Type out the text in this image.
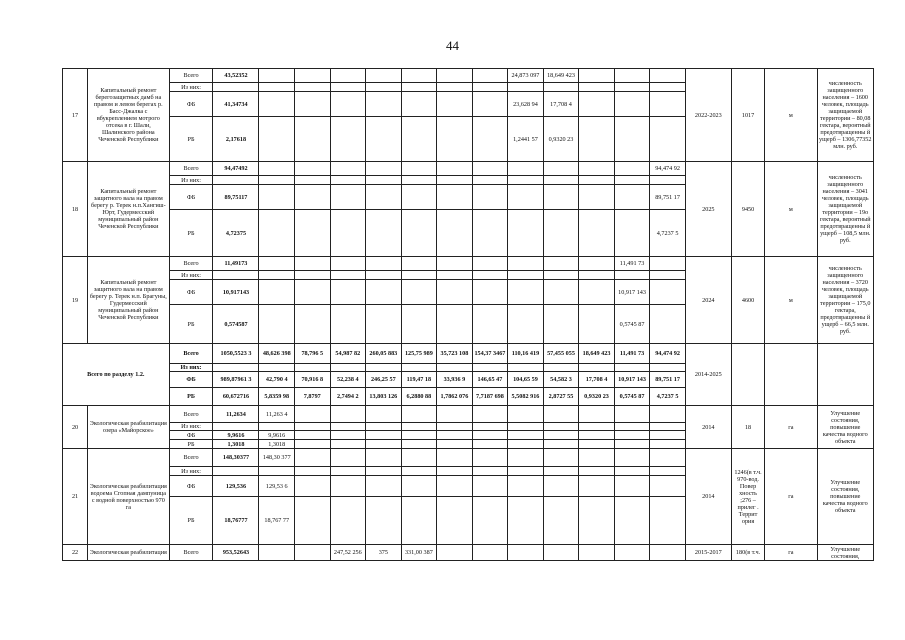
44
17	Капитальный ремонт берегозащитных дамб на правом и левом берегах р. Басс-Джалка с вбукреплением мотрого отсека в г. Шали, Шалинского района Чеченской Республики	Всего	43,52352								24,873 097	18,649 423				2022-2023	1017	м	численность защищенного населения – 1600 человек, площадь защищаемой территории – 80,08 гектара, вероятный предотвращенны й ущерб – 1306,77352 млн. руб.
		Из них:																	
		ФБ	41,34734								23,628 94	17,708 4							
		РБ	2,17618								1,2441 57	0,9320 23							
18	Капитальный ремонт защитного вала на правом берегу р. Терек н.п.Хангиш-Юрт, Гудермесский муниципальный район Чеченской Республики	Всего	94,47492												94,474 92	2025	9450	м	численность защищенного населения – 3041 человек, площадь защищаемой территории – 19о гектара, вероятный предотвращенны й ущерб – 108,5 млн. руб.
		Из них:																	
		ФБ	89,75117												89,751 17				
		РБ	4,72375												4,7237 5				
19	Капитальный ремонт защитного вала на правом берегу р. Терек н.п. Брагуны, Гудермесский муниципальный район Чеченской Республики	Всего	11,49173											11,491 73		2024	4600	м	численность защищенного населения – 3720 человек, площадь защищаемой территории – 175,0 гектара, предотвращенны й ущерб – 66,5 млн. руб.
		Из них:																	
		ФБ	10,917143											10,917 143					
		РБ	0,574587											0,5745 87					
Всего по разделу 1.2.		Всего	1050,5523 3	48,626 398	78,796 5	54,987 82	260,05 883	125,75 989	35,723 108	154,37 3467	110,16 419	57,455 055	18,649 423	11,491 73	94,474 92	2014-2025			
		Из них:																	
		ФБ	989,87961 3	42,790 4	70,916 8	52,238 4	246,25 57	119,47 18	33,936 9	146,65 47	104,65 59	54,582 3	17,708 4	10,917 143	89,751 17				
		РБ	60,672716	5,8359 98	7,8797	2,7494 2	13,803 126	6,2880 88	1,7862 076	7,7187 698	5,5082 916	2,8727 55	0,9320 23	0,5745 87	4,7237 5				
20	Экологическая реабилитация озера «Майорское»	Всего	11,2634	11,263 4												2014	18	га	Улучшение состояния, повышение качества водного объекта
		Из них:																	
		ФБ	9,9616	9,9616															
		РБ	1,3018	1,3018															
21	Экологическая реабилитация водоема Сгопная дампуница с водной поверхностью 970 га	Всего	148,30377	148,30 377												2014	1246(в т.ч. 970-вод. Повер хность ;276 – прилег . Террит ория	га	Улучшение состояния, повышение качества водного объекта
		Из них:																	
		ФБ	129,536	129,53 6															
		РБ	18,76777	18,767 77															
22	Экологическая реабилитация	Всего	953,52643			247,52 256	375	331,00 387								2015-2017	180(в т.ч.	га	Улучшение состояния,
